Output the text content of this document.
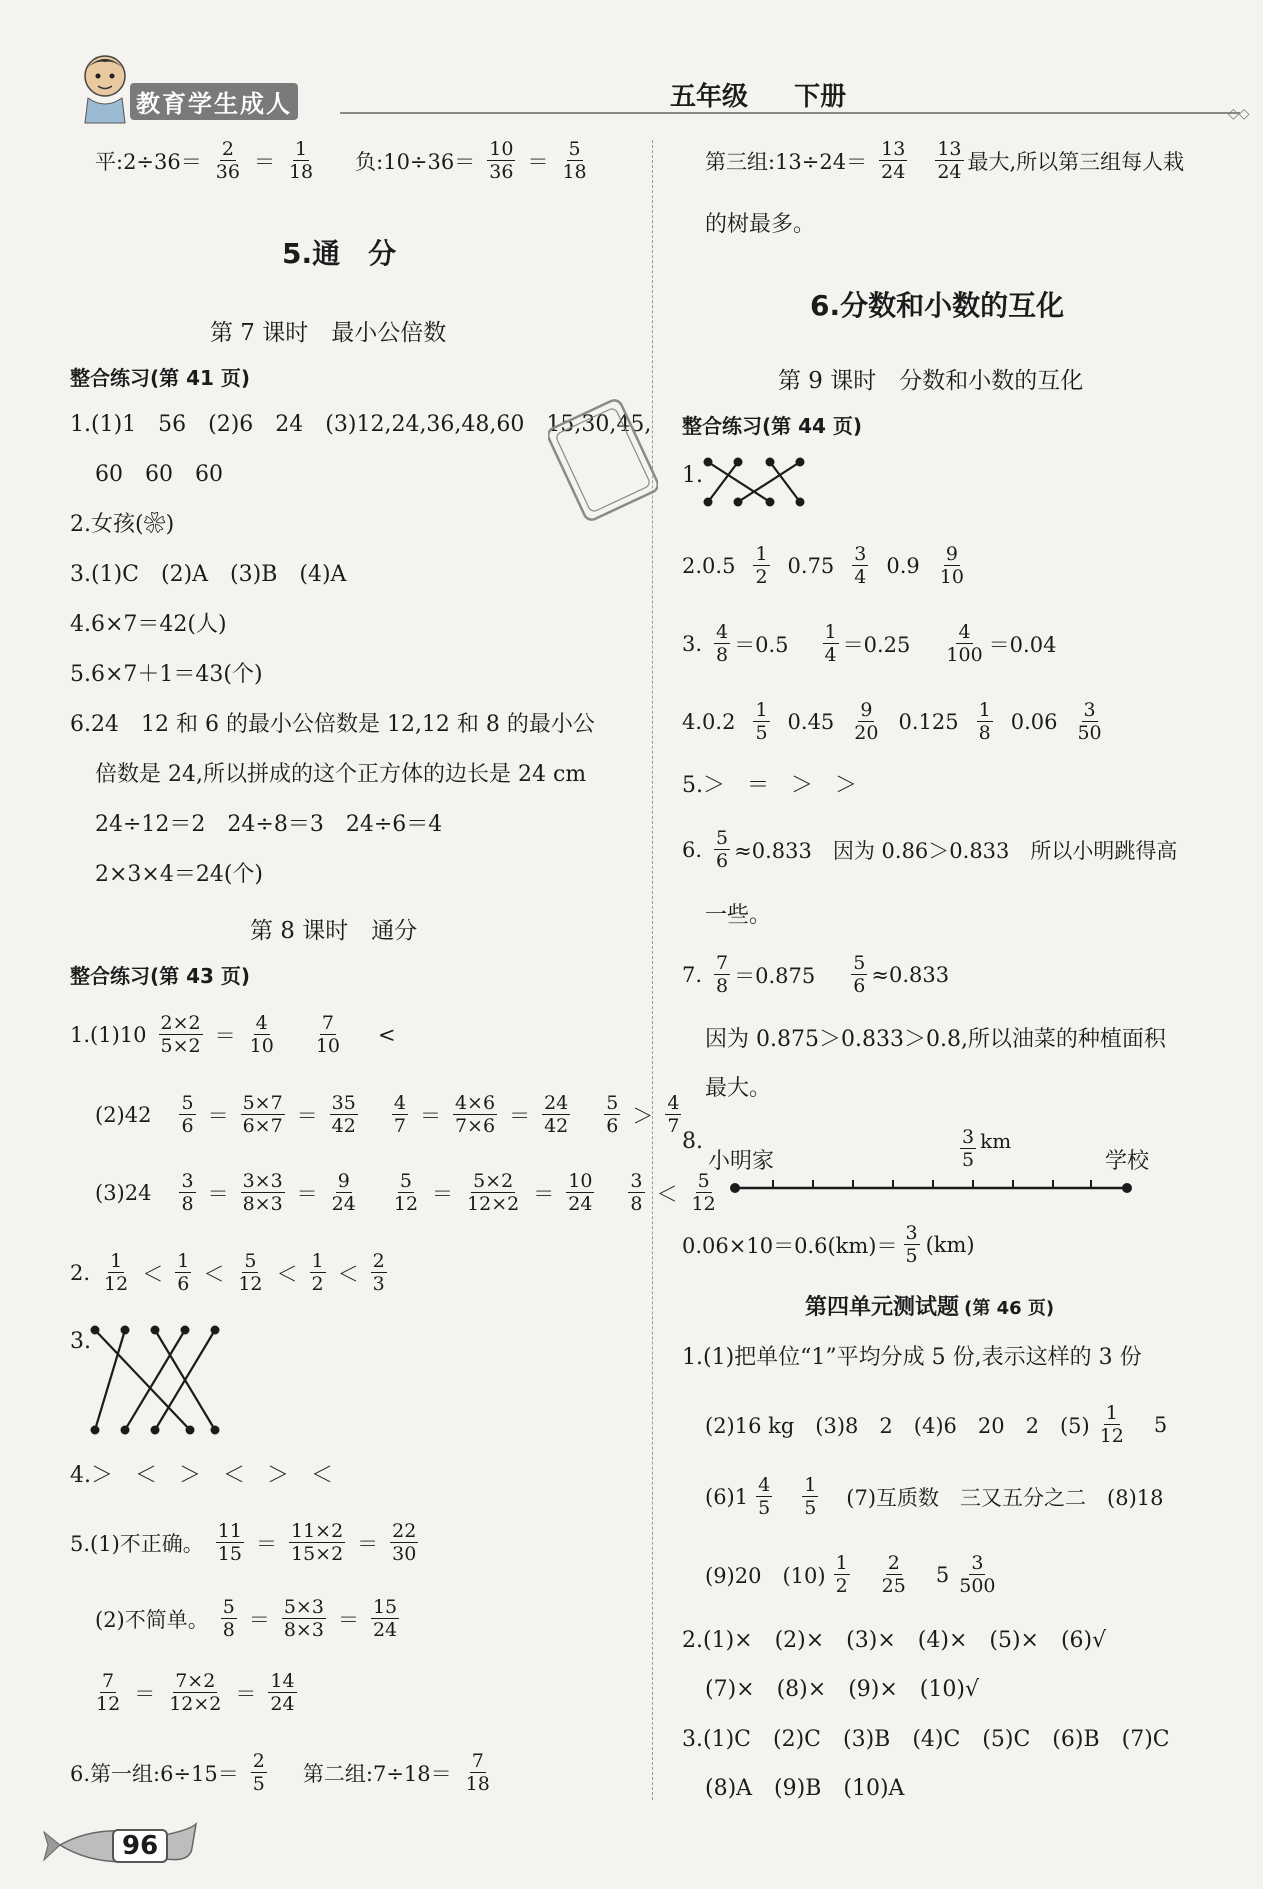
教育学生成人	◇◇
五年级 下册
平:2÷36＝ $\frac{2}{36} = \frac{1}{18}$ 负:10÷36＝ $\frac{10}{36} = \frac{5}{18}$
5.通　分
第 7 课时　最小公倍数
整合练习(第 41 页)
1.(1)1　56　(2)6　24　(3)12,24,36,48,60　15,30,45,
60　60　60
2.女孩(❀)
3.(1)C　(2)A　(3)B　(4)A
4.6×7＝42(人)
5.6×7＋1＝43(个)
6.24　12 和 6 的最小公倍数是 12,12 和 8 的最小公
倍数是 24,所以拼成的这个正方体的边长是 24 cm
24÷12＝2　24÷8＝3　24÷6＝4
2×3×4＝24(个)
第 8 课时　通分
整合练习(第 43 页)
$1.(1)10 \frac{2\times 2}{5\times 2} = \frac{4}{10} \frac{7}{10}$ <
$(2)42 \frac{5}{6} = \frac{5\times 7}{6\times 7} = \frac{35}{42} \frac{4}{7} = \frac{4\times 6}{7\times 6} = \frac{24}{42} \frac{5}{6} > \frac{4}{7}$
$(3)24 \frac{3}{8} = \frac{3\times 3}{8\times 3} = \frac{9}{24} \frac{5}{12} = \frac{5\times 2}{12\times 2} = \frac{10}{24} \frac{3}{8} < \frac{5}{12}$
2. $\frac{1}{12} < \frac{1}{6} < \frac{5}{12} < \frac{1}{2} < \frac{2}{3}$
3.
4.＞　＜　＞　＜　＞　＜
5.(1)不正确。 $\frac{11}{15} = \frac{11\times 2}{15\times 2} = \frac{22}{30}$
(2)不简单。 $\frac{5}{8} = \frac{5\times 3}{8\times 3} = \frac{15}{24}$
$\frac{7}{12} = \frac{7\times 2}{12\times 2} = \frac{14}{24}$
6.第一组:6÷15＝ $\frac{2}{5}$ 第二组:7÷18＝ $\frac{7}{18}$
第三组:13÷24＝ $\frac{13}{24} \frac{13}{24}$ 最大,所以第三组每人栽
的树最多。
6.分数和小数的互化
第 9 课时　分数和小数的互化
整合练习(第 44 页)
1.
$2.0.5 \frac{1}{2} 0.75 \frac{3}{4} 0.9 \frac{9}{10}$
3. $\frac{4}{8} =0.5 \frac{1}{4} =0.25 \frac{4}{100} =0.04$
$4.0.2 \frac{1}{5} 0.45 \frac{9}{20} 0.125 \frac{1}{8} 0.06 \frac{3}{50}$
5.＞　＝　＞　＞
6. $\frac{5}{6} \approx 0.833$　因为 0.86＞0.833　所以小明跳得高
一些。
7. $\frac{7}{8} =0.875 \frac{5}{6} \approx 0.833$
因为 0.875＞0.833＞0.8,所以油菜的种植面积
最大。
8.
小明家	学校
$\frac{3}{5}$ km
$0.06\times 10=0.6(km)= \frac{3}{5} (km)$
第四单元测试题 (第 46 页)
1.(1)把单位“1”平均分成 5 份,表示这样的 3 份
(2)16 kg　(3)8　2　(4)6　20　2　$(5) \frac{1}{12} 5$
$(6)1 \frac{4}{5} \frac{1}{5} (7)$互质数　三又五分之二　(8)18
(9)20　$(10) \frac{1}{2} \frac{2}{25} 5 \frac{3}{500}$
2.(1)×　(2)×　(3)×　(4)×　(5)×　(6)√
(7)×　(8)×　(9)×　(10)√
3.(1)C　(2)C　(3)B　(4)C　(5)C　(6)B　(7)C
(8)A　(9)B　(10)A
96
